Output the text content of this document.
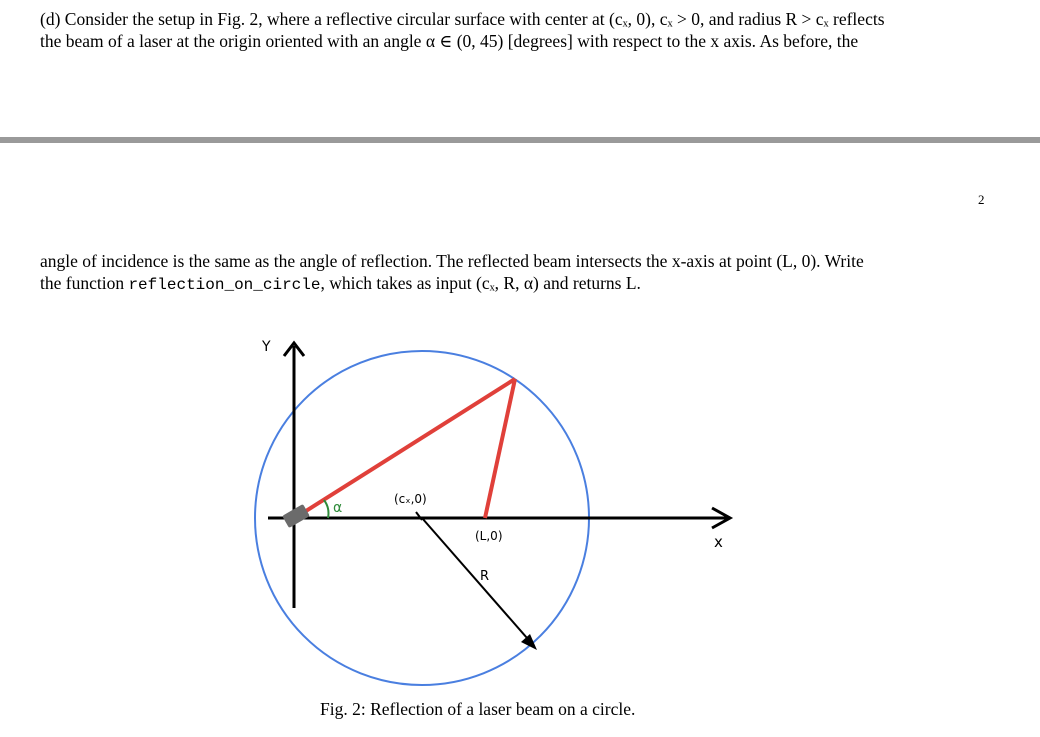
(d) Consider the setup in Fig. 2, where a reflective circular surface with center at (cₓ, 0), cₓ > 0, and radius R > cₓ reflects
the beam of a laser at the origin oriented with an angle α ∈ (0, 45) [degrees] with respect to the x axis. As before, the
2
angle of incidence is the same as the angle of reflection. The reflected beam intersects the x-axis at point (L, 0). Write
the function reflection_on_circle, which takes as input (cₓ, R, α) and returns L.
Y
x
α
(cₓ,0)
(L,0)
R
Fig. 2: Reflection of a laser beam on a circle.
